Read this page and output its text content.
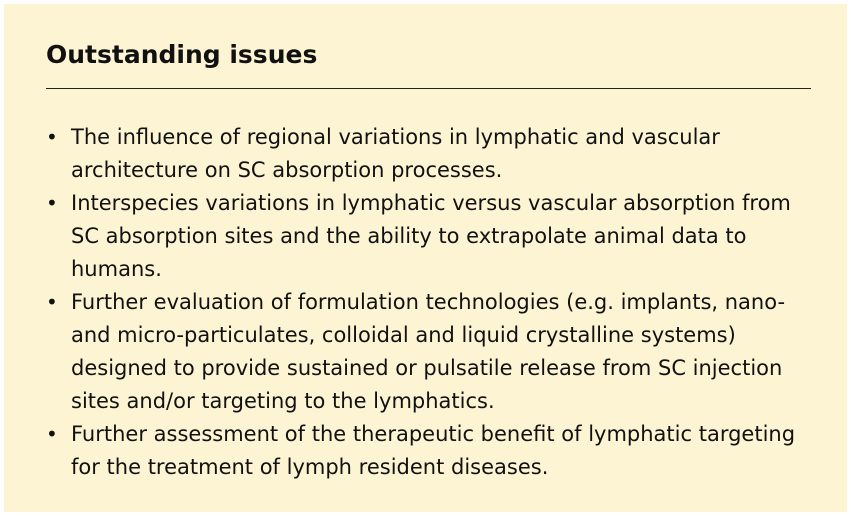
Outstanding issues
• The influence of regional variations in lymphatic and vascular architecture on SC absorption processes.
• Interspecies variations in lymphatic versus vascular absorption from SC absorption sites and the ability to extrapolate animal data to humans.
• Further evaluation of formulation technologies (e.g. implants, nano- and micro-particulates, colloidal and liquid crystalline systems) designed to provide sustained or pulsatile release from SC injection sites and/or targeting to the lymphatics.
• Further assessment of the therapeutic benefit of lymphatic targeting for the treatment of lymph resident diseases.
